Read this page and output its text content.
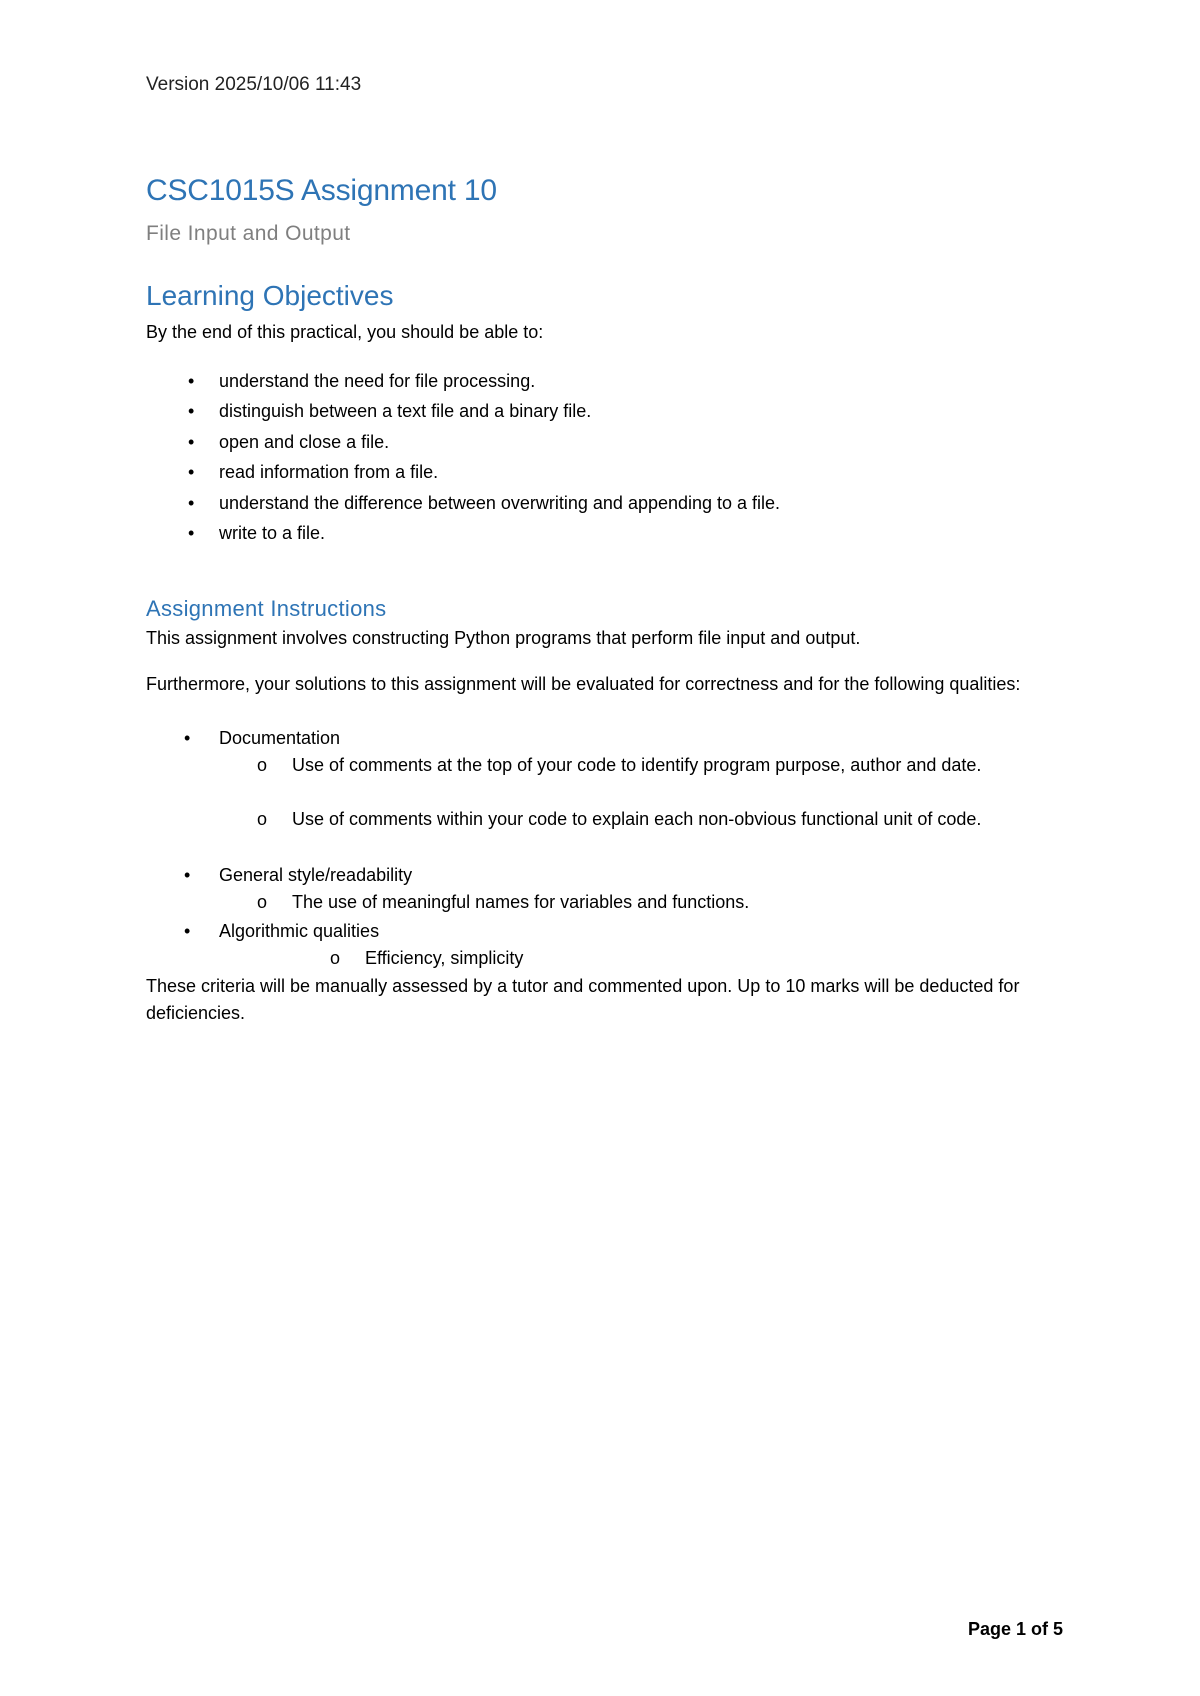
Version 2025/10/06 11:43
CSC1015S Assignment 10
File Input and Output
Learning Objectives

By the end of this practical, you should be able to:

•	understand the need for file processing.
•	distinguish between a text file and a binary file.
•	open and close a file.
•	read information from a file.
•	understand the difference between overwriting and appending to a file.
•	write to a file.
Assignment Instructions

This assignment involves constructing Python programs that perform file input and output.

Furthermore, your solutions to this assignment will be evaluated for correctness and for the following qualities:

• Documentation
o Use of comments at the top of your code to identify program purpose, author and date.
o Use of comments within your code to explain each non-obvious functional unit of code.
• General style/readability
o The use of meaningful names for variables and functions.
• Algorithmic qualities
o Efficiency, simplicity

These criteria will be manually assessed by a tutor and commented upon. Up to 10 marks will be deducted for deficiencies.

Page 1 of 5
